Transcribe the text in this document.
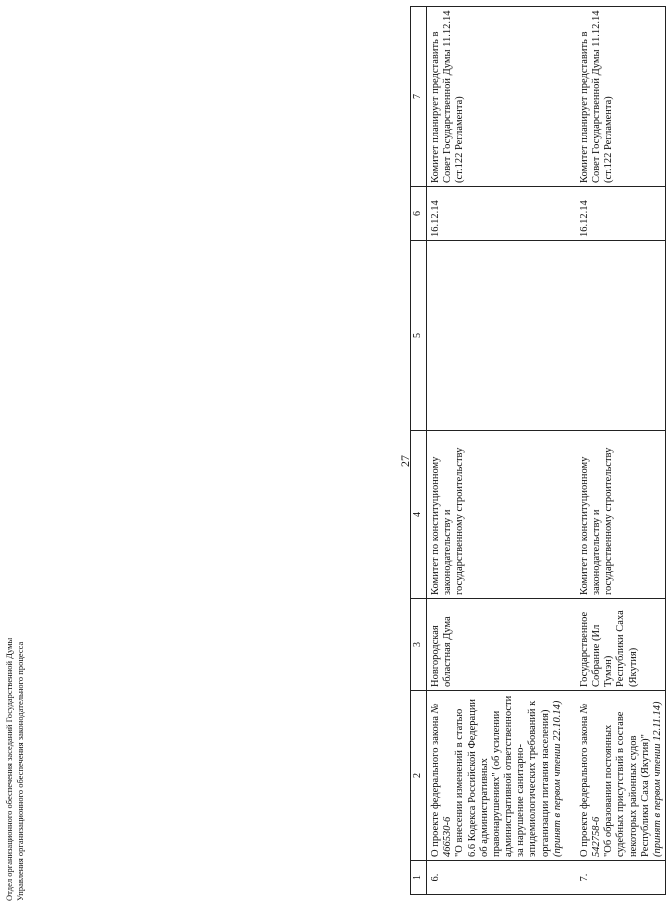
27
1	2	3	4	5	6	7
6.	О проекте федерального закона № 466530-6 "О внесении изменений в статью 6.6 Кодекса Российской Федерации об административных правонарушениях" (об усилении административной ответственности за нарушение санитарно-эпидемиологических требований к организации питания населения) (принят в первом чтении 22.10.14)	Новгородская областная Дума	Комитет по конституционному законодательству и государственному строительству		16.12.14	Комитет планирует представить в Совет Государственной Думы 11.12.14 (ст.122 Регламента)
7.	О проекте федерального закона № 542758-6 "Об образовании постоянных судебных присутствий в составе некоторых районных судов Республики Саха (Якутия)" (принят в первом чтении 12.11.14)	Государственное Собрание (Ил Тумэн) Республики Саха (Якутия)	Комитет по конституционному законодательству и государственному строительству		16.12.14	Комитет планирует представить в Совет Государственной Думы 11.12.14 (ст.122 Регламента)
Отдел организационного обеспечения заседаний Государственной Думы Управления организационного обеспечения законодательного процесса
